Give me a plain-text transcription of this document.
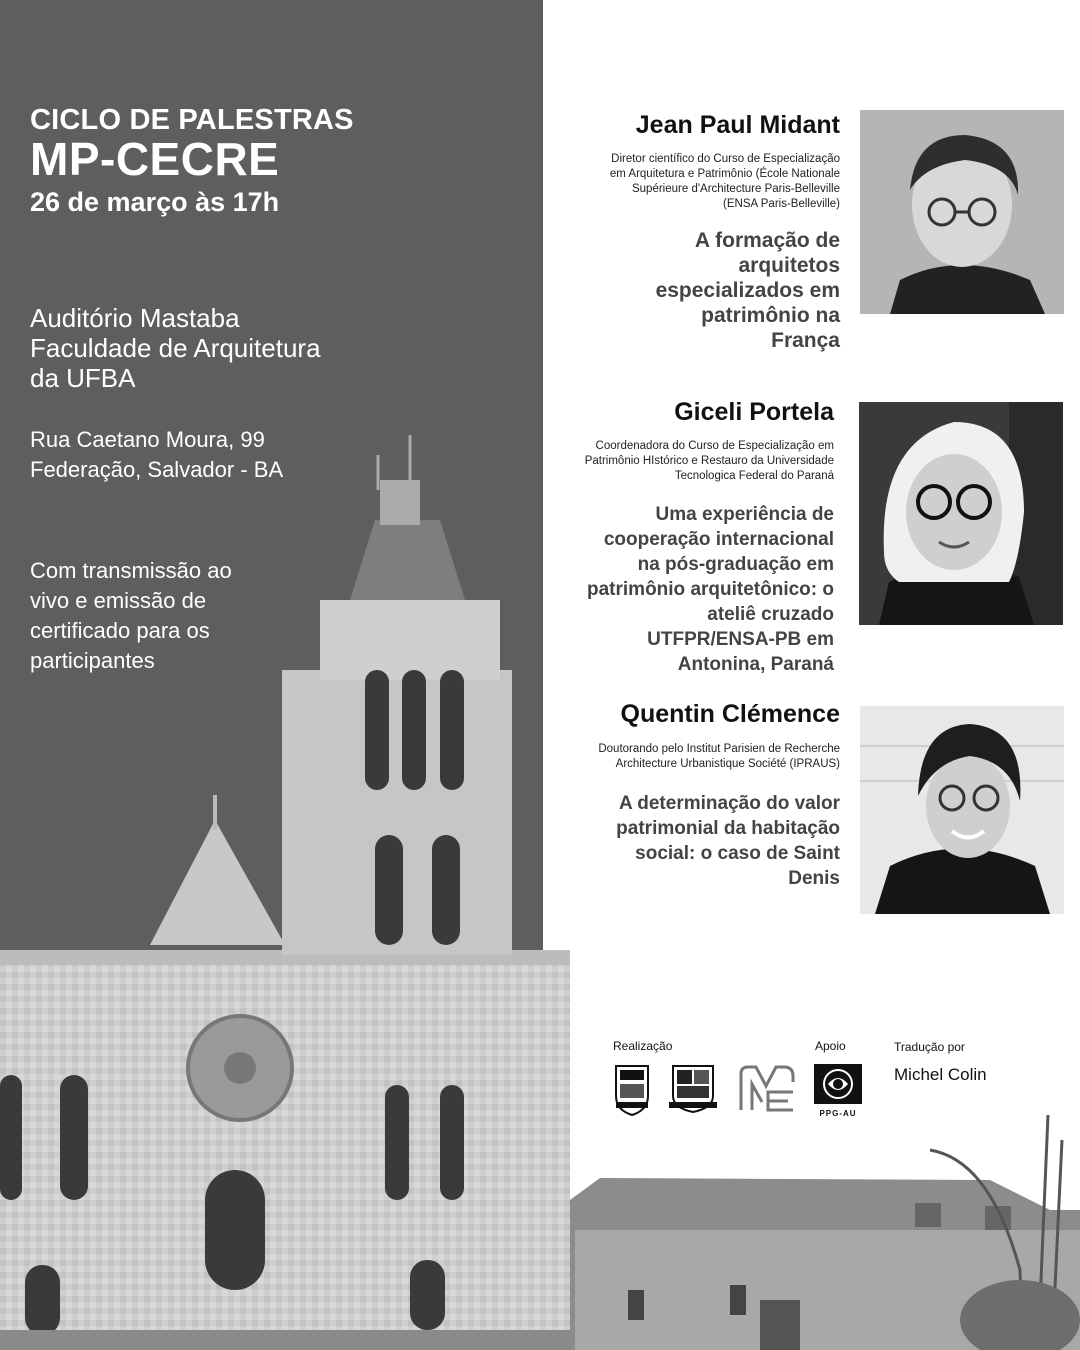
CICLO DE PALESTRAS
MP-CECRE
26 de março às 17h
Auditório Mastaba
Faculdade de Arquitetura
da UFBA
Rua Caetano Moura, 99
Federação, Salvador - BA
Com transmissão ao
vivo e emissão de
certificado para os
participantes
Jean Paul Midant
Diretor científico do Curso de Especialização
em Arquitetura e Patrimônio (École Nationale
Supérieure d'Architecture Paris-Belleville
(ENSA Paris-Belleville)
A formação de
arquitetos
especializados em
patrimônio na
França
Giceli Portela
Coordenadora do Curso de Especialização em
Patrimônio HIstórico e Restauro da Universidade
Tecnologica Federal do Paraná
Uma experiência de
cooperação internacional
na pós-graduação em
patrimônio arquitetônico: o
ateliê cruzado
UTFPR/ENSA-PB em
Antonina, Paraná
Quentin Clémence
Doutorando pelo Institut Parisien de Recherche
Architecture Urbanistique Société (IPRAUS)
A determinação do valor
patrimonial da habitação
social: o caso de Saint
Denis
Realização	Apoio	Tradução por
PPG-AU
Michel Colin
